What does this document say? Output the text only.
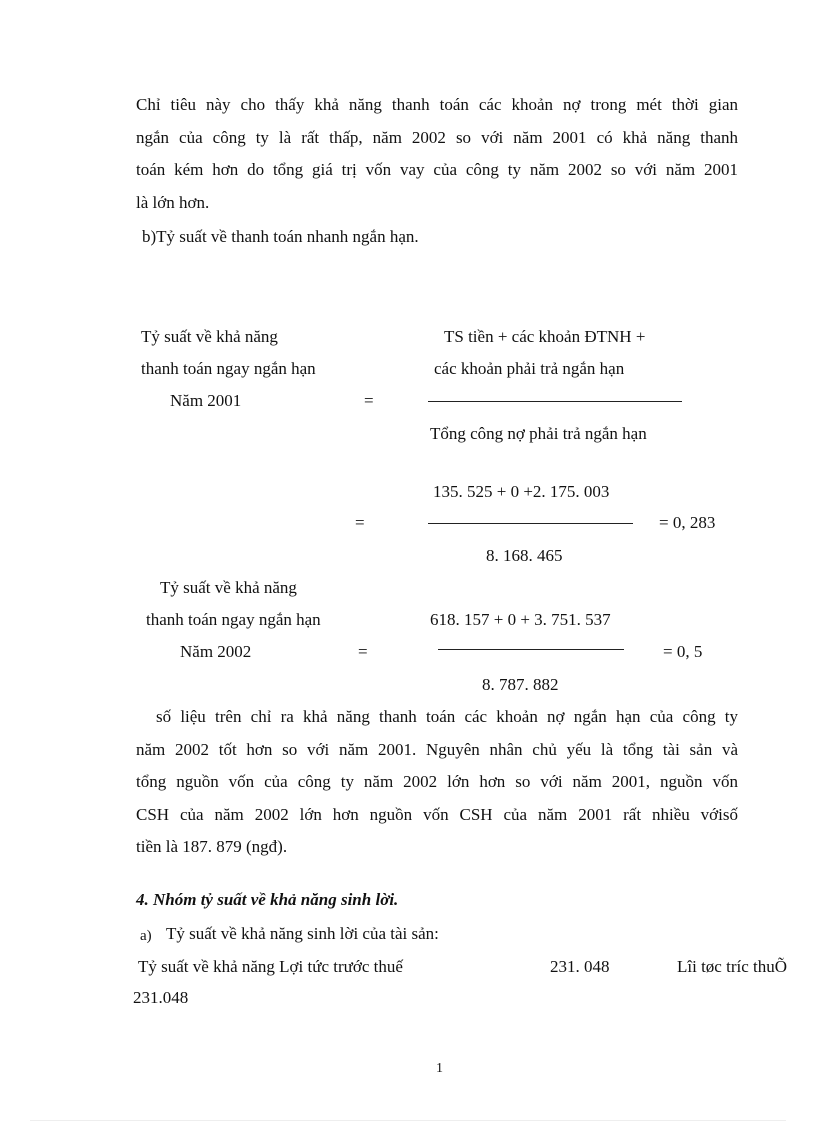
Chỉ tiêu này cho thấy khả năng thanh toán các khoản nợ trong mét thời gian
ngắn của công ty là rất thấp, năm 2002 so với năm 2001 có khả năng thanh
toán kém hơn do tổng giá trị vốn vay của công ty năm 2002 so với năm 2001
là lớn hơn.
b)Tỷ suất về thanh toán nhanh ngắn hạn.
Tỷ suất về khả năng
thanh toán ngay ngắn hạn
Năm 2001	=
TS tiền + các khoản ĐTNH +
các khoản phải trả ngắn hạn
Tổng công nợ phải trả ngắn hạn
135. 525 + 0 +2. 175. 003
=	= 0, 283
8. 168. 465
Tỷ suất về khả năng
thanh toán ngay ngắn hạn
Năm 2002	=
618. 157 + 0 + 3. 751. 537
= 0, 5
8. 787. 882
số liệu trên chỉ ra khả năng thanh toán các khoản nợ ngắn hạn của công ty
năm 2002 tốt hơn so với năm 2001. Nguyên nhân chủ yếu là tổng tài sản và
tổng nguồn vốn của công ty năm 2002 lớn hơn so với năm 2001, nguồn vốn
CSH của năm 2002 lớn hơn nguồn vốn CSH của năm 2001 rất nhiều vớisố
tiền là 187. 879 (ngđ).
4. Nhóm tỷ suất về khả năng sinh lời.
a) Tỷ suất về khả năng sinh lời của tài sản:
Tỷ suất về khả năng Lợi tức trước thuế	231. 048	Lîi tøc tríc thuÕ
231.048
1
